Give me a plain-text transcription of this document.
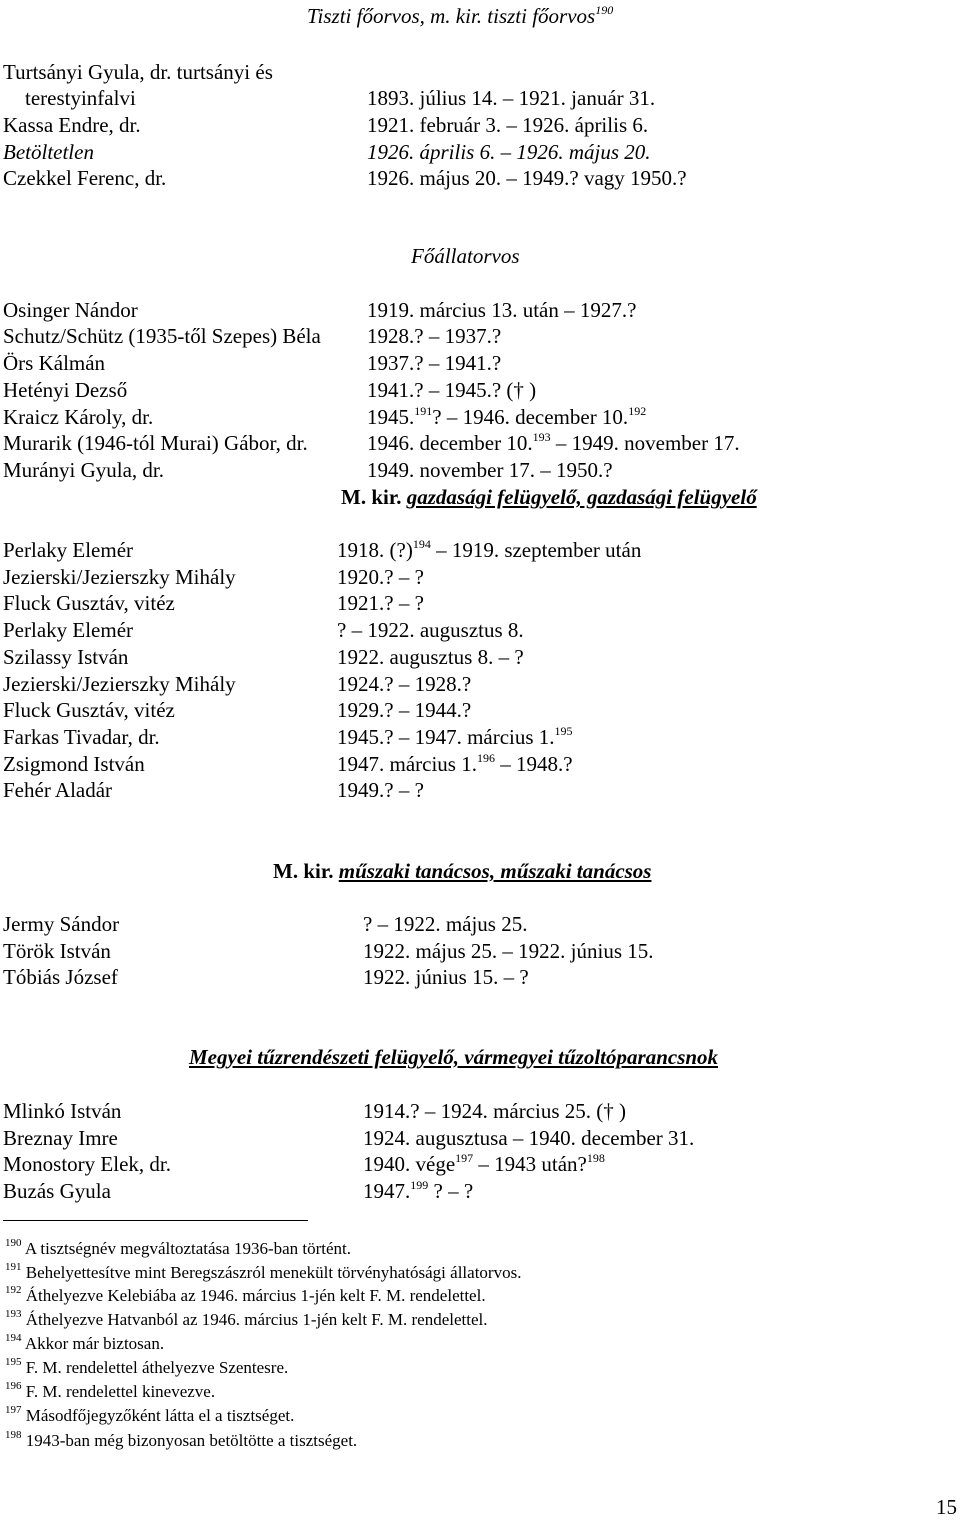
Tiszti főorvos, m. kir. tiszti főorvos$^{190}$
Turtsányi Gyula, dr. turtsányi és
terestyinfalvi	1893. július 14. – 1921. január 31.
Kassa Endre, dr.	1921. február 3. – 1926. április 6.
Betöltetlen	1926. április 6. – 1926. május 20.
Czekkel Ferenc, dr.	1926. május 20. – 1949.? vagy 1950.?
Főállatorvos
Osinger Nándor	1919. március 13. után – 1927.?
Schutz/Schütz (1935-től Szepes) Béla 1928.? – 1937.?
Örs Kálmán	1937.? – 1941.?
Hetényi Dezső	1941.? – 1945.? († )
Kraicz Károly, dr.	1945.$^{191}$? – 1946. december 10.$^{192}$
Murarik (1946-tól Murai) Gábor, dr.	1946. december 10.$^{193}$ – 1949. november 17.
Murányi Gyula, dr.	1949. november 17. – 1950.?
M. kir. gazdasági felügyelő, gazdasági felügyelő
Perlaky Elemér	1918. (?)$^{194}$ – 1919. szeptember után
Jezierski/Jezierszky Mihály	1920.? – ?
Fluck Gusztáv, vitéz	1921.? – ?
Perlaky Elemér	? – 1922. augusztus 8.
Szilassy István	1922. augusztus 8. – ?
Jezierski/Jezierszky Mihály	1924.? – 1928.?
Fluck Gusztáv, vitéz	1929.? – 1944.?
Farkas Tivadar, dr.	1945.? – 1947. március 1.$^{195}$
Zsigmond István	1947. március 1.$^{196}$ – 1948.?
Fehér Aladár	1949.? – ?
M. kir. műszaki tanácsos, műszaki tanácsos
Jermy Sándor	? – 1922. május 25.
Török István	1922. május 25. – 1922. június 15.
Tóbiás József	1922. június 15. – ?
Megyei tűzrendészeti felügyelő, vármegyei tűzoltóparancsnok
Mlinkó István	1914.? – 1924. március 25. († )
Breznay Imre	1924. augusztusa – 1940. december 31.
Monostory Elek, dr.	1940. vége$^{197}$ – 1943 után?$^{198}$
Buzás Gyula	1947.$^{199}$ ? – ?
$^{190}$ A tisztségnév megváltoztatása 1936-ban történt.
$^{191}$ Behelyettesítve mint Beregszászról menekült törvényhatósági állatorvos.
$^{192}$ Áthelyezve Kelebiába az 1946. március 1-jén kelt F. M. rendelettel.
$^{193}$ Áthelyezve Hatvanból az 1946. március 1-jén kelt F. M. rendelettel.
$^{194}$ Akkor már biztosan.
$^{195}$ F. M. rendelettel áthelyezve Szentesre.
$^{196}$ F. M. rendelettel kinevezve.
$^{197}$ Másodfőjegyzőként látta el a tisztséget.
$^{198}$ 1943-ban még bizonyosan betöltötte a tisztséget.
15
